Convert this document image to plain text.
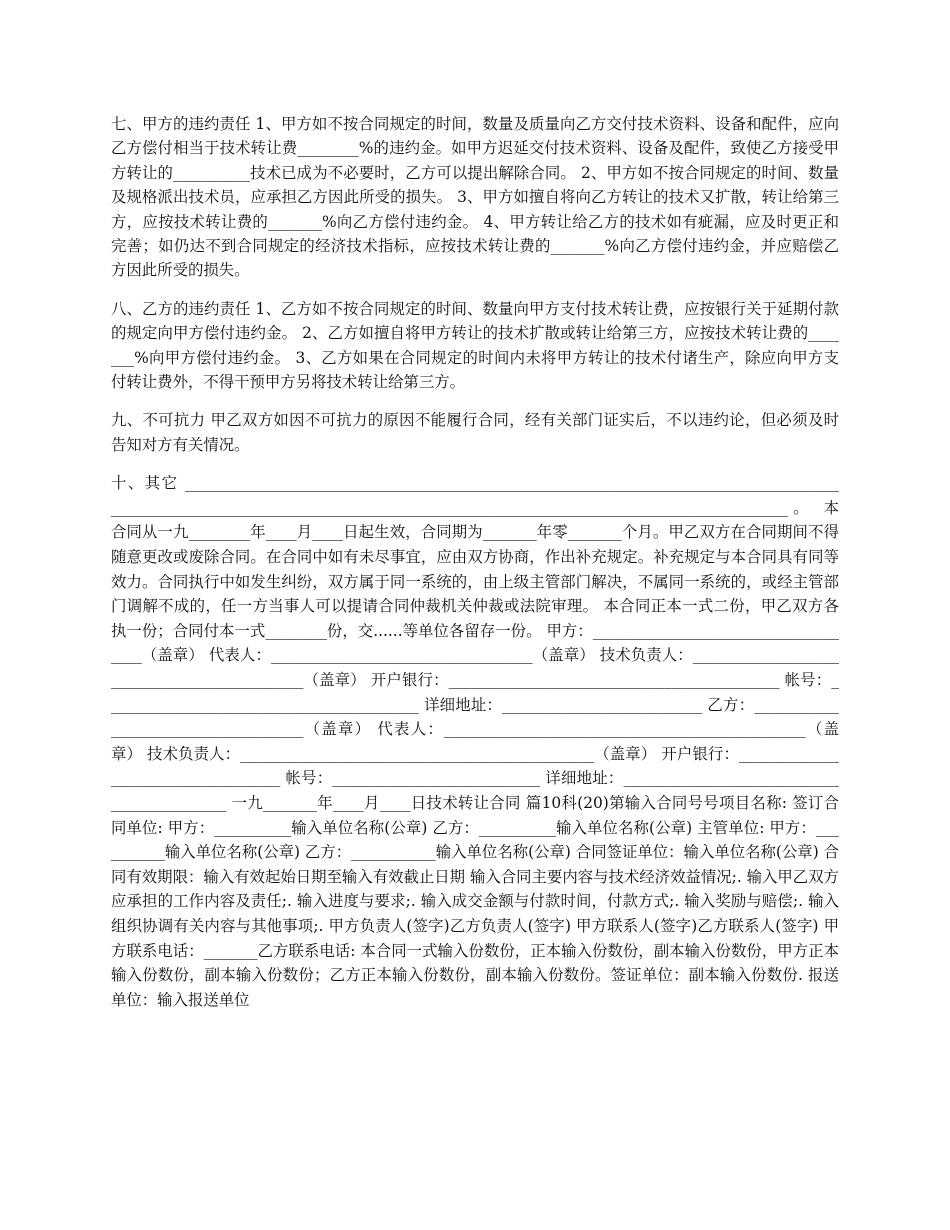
七、甲方的违约责任 1、甲方如不按合同规定的时间，数量及质量向乙方交付技术资料、设备和配件，应向乙方偿付相当于技术转让费________%的违约金。如甲方迟延交付技术资料、设备及配件，致使乙方接受甲方转让的__________技术已成为不必要时，乙方可以提出解除合同。 2、甲方如不按合同规定的时间、数量及规格派出技术员，应承担乙方因此所受的损失。 3、甲方如擅自将向乙方转让的技术又扩散，转让给第三方，应按技术转让费的_______%向乙方偿付违约金。 4、甲方转让给乙方的技术如有疵漏，应及时更正和完善；如仍达不到合同规定的经济技术指标，应按技术转让费的_______%向乙方偿付违约金，并应赔偿乙方因此所受的损失。

八、乙方的违约责任 1、乙方如不按合同规定的时间、数量向甲方支付技术转让费，应按银行关于延期付款的规定向甲方偿付违约金。 2、乙方如擅自将甲方转让的技术扩散或转让给第三方，应按技术转让费的_______%向甲方偿付违约金。 3、乙方如果在合同规定的时间内未将甲方转让的技术付诸生产，除应向甲方支付转让费外，不得干预甲方另将技术转让给第三方。

九、不可抗力 甲乙双方如因不可抗力的原因不能履行合同，经有关部门证实后，不以违约论，但必须及时告知对方有关情况。

十、其它 _____________________________________________________________________________________________________________________________________________________________________________。 本合同从一九________年____月____日起生效，合同期为_______年零_______个月。甲乙双方在合同期间不得随意更改或废除合同。在合同中如有未尽事宜，应由双方协商，作出补充规定。补充规定与本合同具有同等效力。合同执行中如发生纠纷，双方属于同一系统的，由上级主管部门解决，不属同一系统的，或经主管部门调解不成的，任一方当事人可以提请合同仲裁机关仲裁或法院审理。 本合同正本一式二份，甲乙双方各执一份；合同付本一式________份，交......等单位各留存一份。 甲方：____________________________________（盖章） 代表人：__________________________________（盖章） 技术负责人：____________________________________________（盖章） 开户银行：___________________________________________ 帐号：_________________________________________ 详细地址：__________________________ 乙方：____________________________________（盖章） 代表人：_______________________________________________（盖章） 技术负责人：______________________________________________（盖章） 开户银行：___________________________________ 帐号：___________________________ 详细地址：___________________________________________ 一九_______年____月____日技术转让合同 篇10科(20)第输入合同号号项目名称: 签订合同单位: 甲方：__________输入单位名称(公章) 乙方：__________输入单位名称(公章) 主管单位: 甲方：__________输入单位名称(公章) 乙方：___________输入单位名称(公章) 合同签证单位：输入单位名称(公章) 合同有效期限：输入有效起始日期至输入有效截止日期 输入合同主要内容与技术经济效益情况;. 输入甲乙双方应承担的工作内容及责任;. 输入进度与要求;. 输入成交金额与付款时间，付款方式;. 输入奖励与赔偿;. 输入组织协调有关内容与其他事项;. 甲方负责人(签字)乙方负责人(签字) 甲方联系人(签字)乙方联系人(签字) 甲方联系电话：_______乙方联系电话: 本合同一式输入份数份，正本输入份数份，副本输入份数份，甲方正本输入份数份，副本输入份数份；乙方正本输入份数份，副本输入份数份。签证单位：副本输入份数份. 报送单位：输入报送单位
